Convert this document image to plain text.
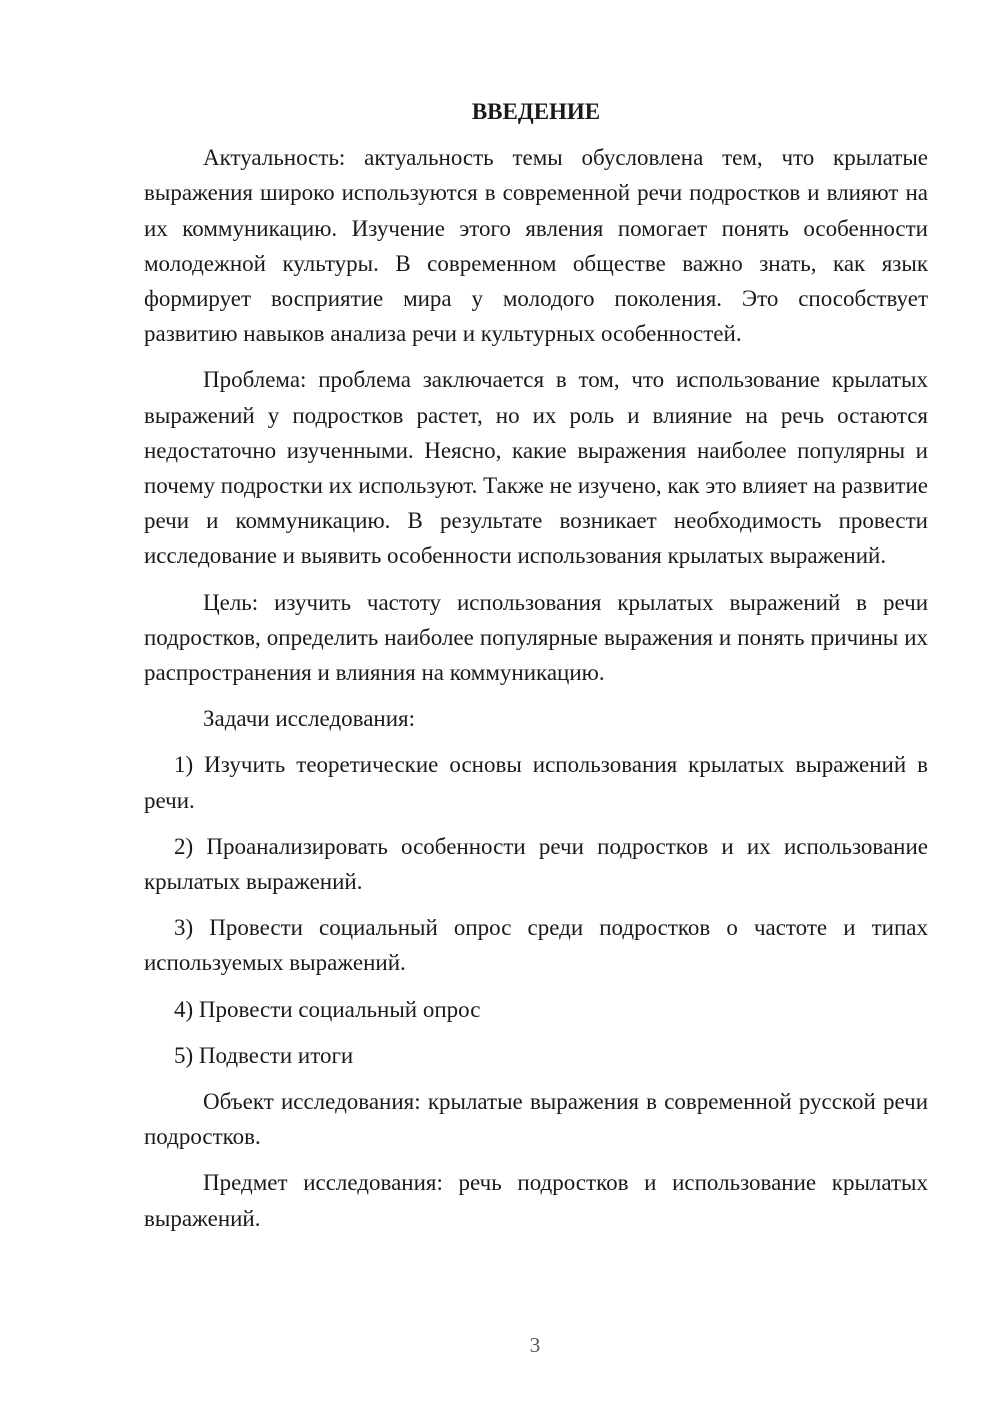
ВВЕДЕНИЕ

Актуальность: актуальность темы обусловлена тем, что крылатые выражения широко используются в современной речи подростков и влияют на их коммуникацию. Изучение этого явления помогает понять особенности молодежной культуры. В современном обществе важно знать, как язык формирует восприятие мира у молодого поколения. Это способствует развитию навыков анализа речи и культурных особенностей.

Проблема: проблема заключается в том, что использование крылатых выражений у подростков растет, но их роль и влияние на речь остаются недостаточно изученными. Неясно, какие выражения наиболее популярны и почему подростки их используют. Также не изучено, как это влияет на развитие речи и коммуникацию. В результате возникает необходимость провести исследование и выявить особенности использования крылатых выражений.

Цель: изучить частоту использования крылатых выражений в речи подростков, определить наиболее популярные выражения и понять причины их распространения и влияния на коммуникацию.

Задачи исследования:

1) Изучить теоретические основы использования крылатых выражений в речи.

2) Проанализировать особенности речи подростков и их использование крылатых выражений.

3) Провести социальный опрос среди подростков о частоте и типах используемых выражений.

4) Провести социальный опрос

5) Подвести итоги

Объект исследования: крылатые выражения в современной русской речи подростков.

Предмет исследования: речь подростков и использование крылатых выражений.

3
